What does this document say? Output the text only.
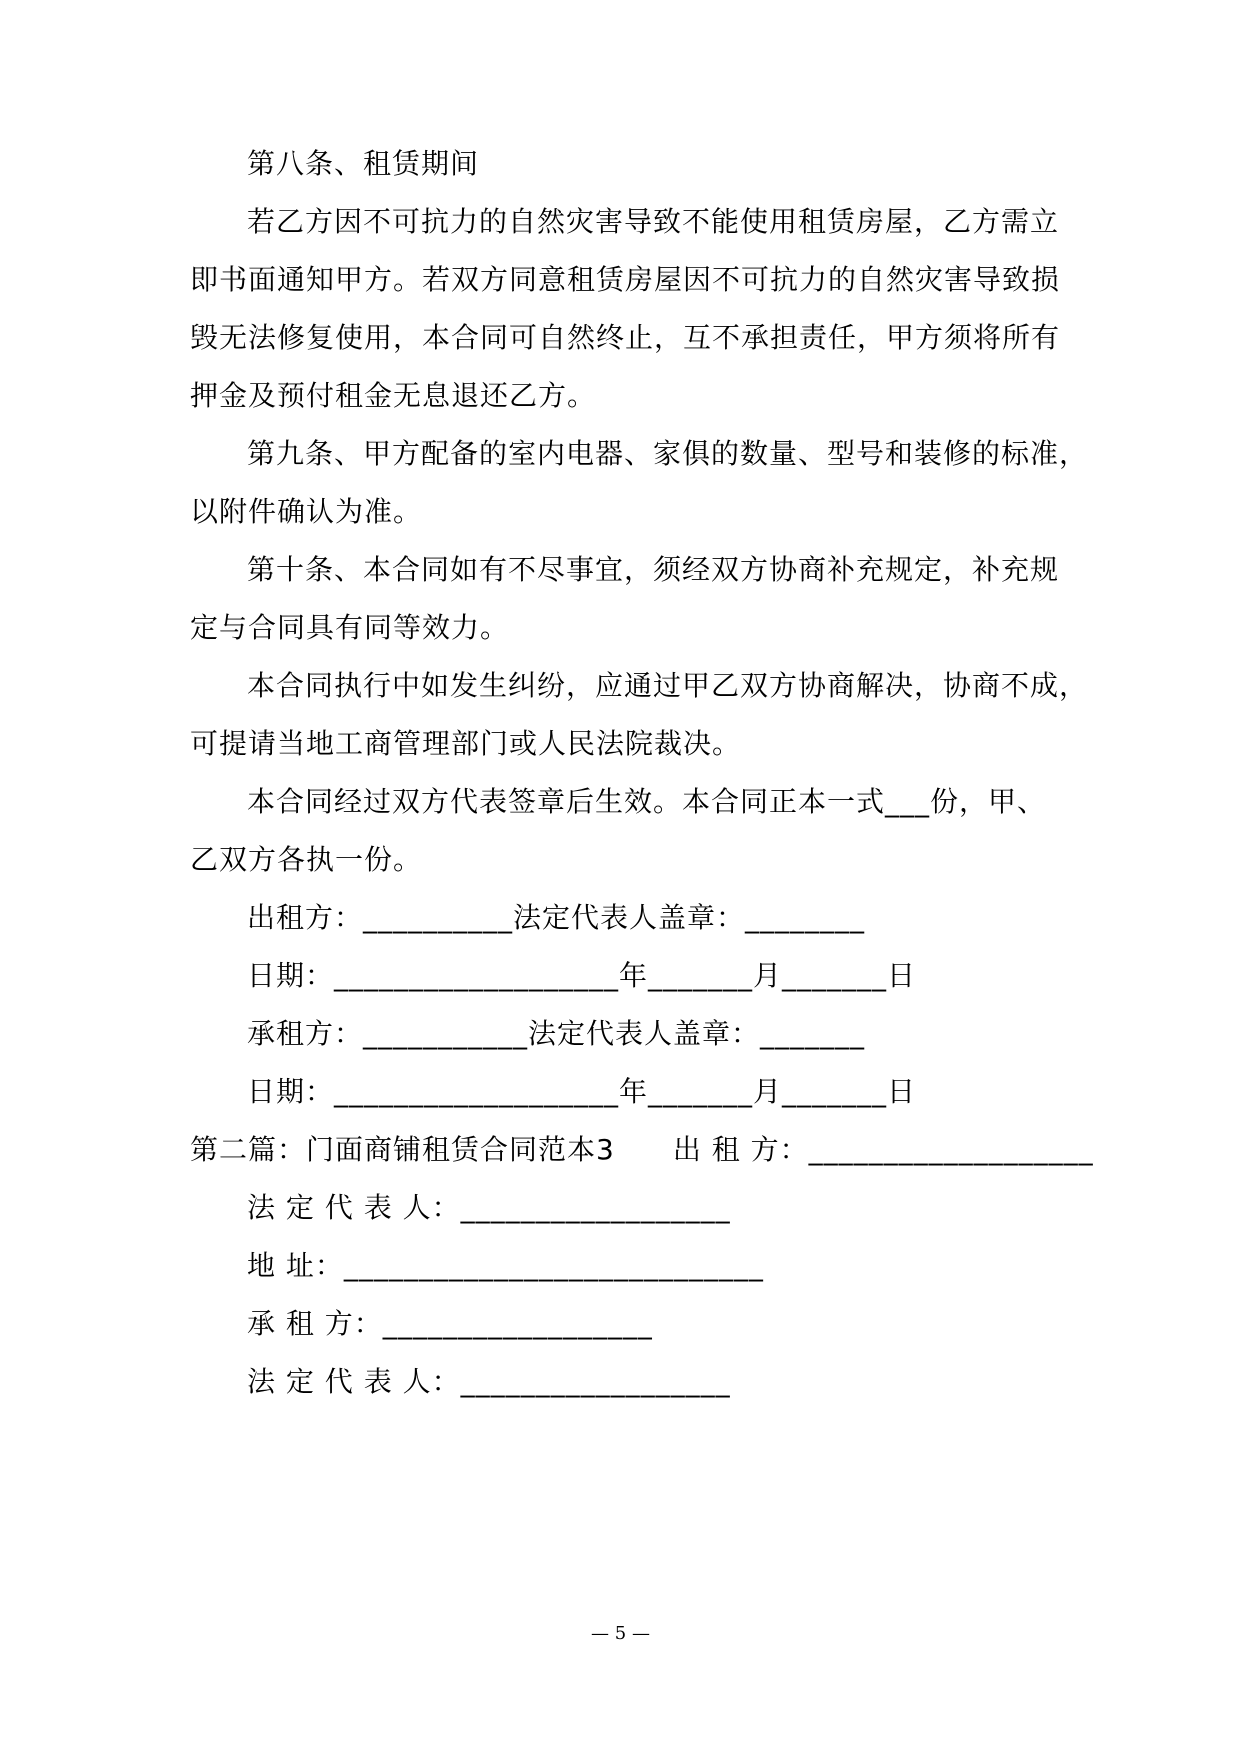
第八条、租赁期间
若乙方因不可抗力的自然灾害导致不能使用租赁房屋，乙方需立
即书面通知甲方。若双方同意租赁房屋因不可抗力的自然灾害导致损
毁无法修复使用，本合同可自然终止，互不承担责任，甲方须将所有
押金及预付租金无息退还乙方。
第九条、甲方配备的室内电器、家俱的数量、型号和装修的标准，
以附件确认为准。
第十条、本合同如有不尽事宜，须经双方协商补充规定，补充规
定与合同具有同等效力。
本合同执行中如发生纠纷，应通过甲乙双方协商解决，协商不成，
可提请当地工商管理部门或人民法院裁决。
本合同经过双方代表签章后生效。本合同正本一式___份，甲、
乙双方各执一份。
出租方：__________法定代表人盖章：________
日期：___________________年_______月_______日
承租方：___________法定代表人盖章：_______
日期：___________________年_______月_______日
第二篇：门面商铺租赁合同范本3　　出 租 方：___________________
法 定 代 表 人：__________________
地 址：____________________________
承 租 方：__________________
法 定 代 表 人：__________________
— 5 —
